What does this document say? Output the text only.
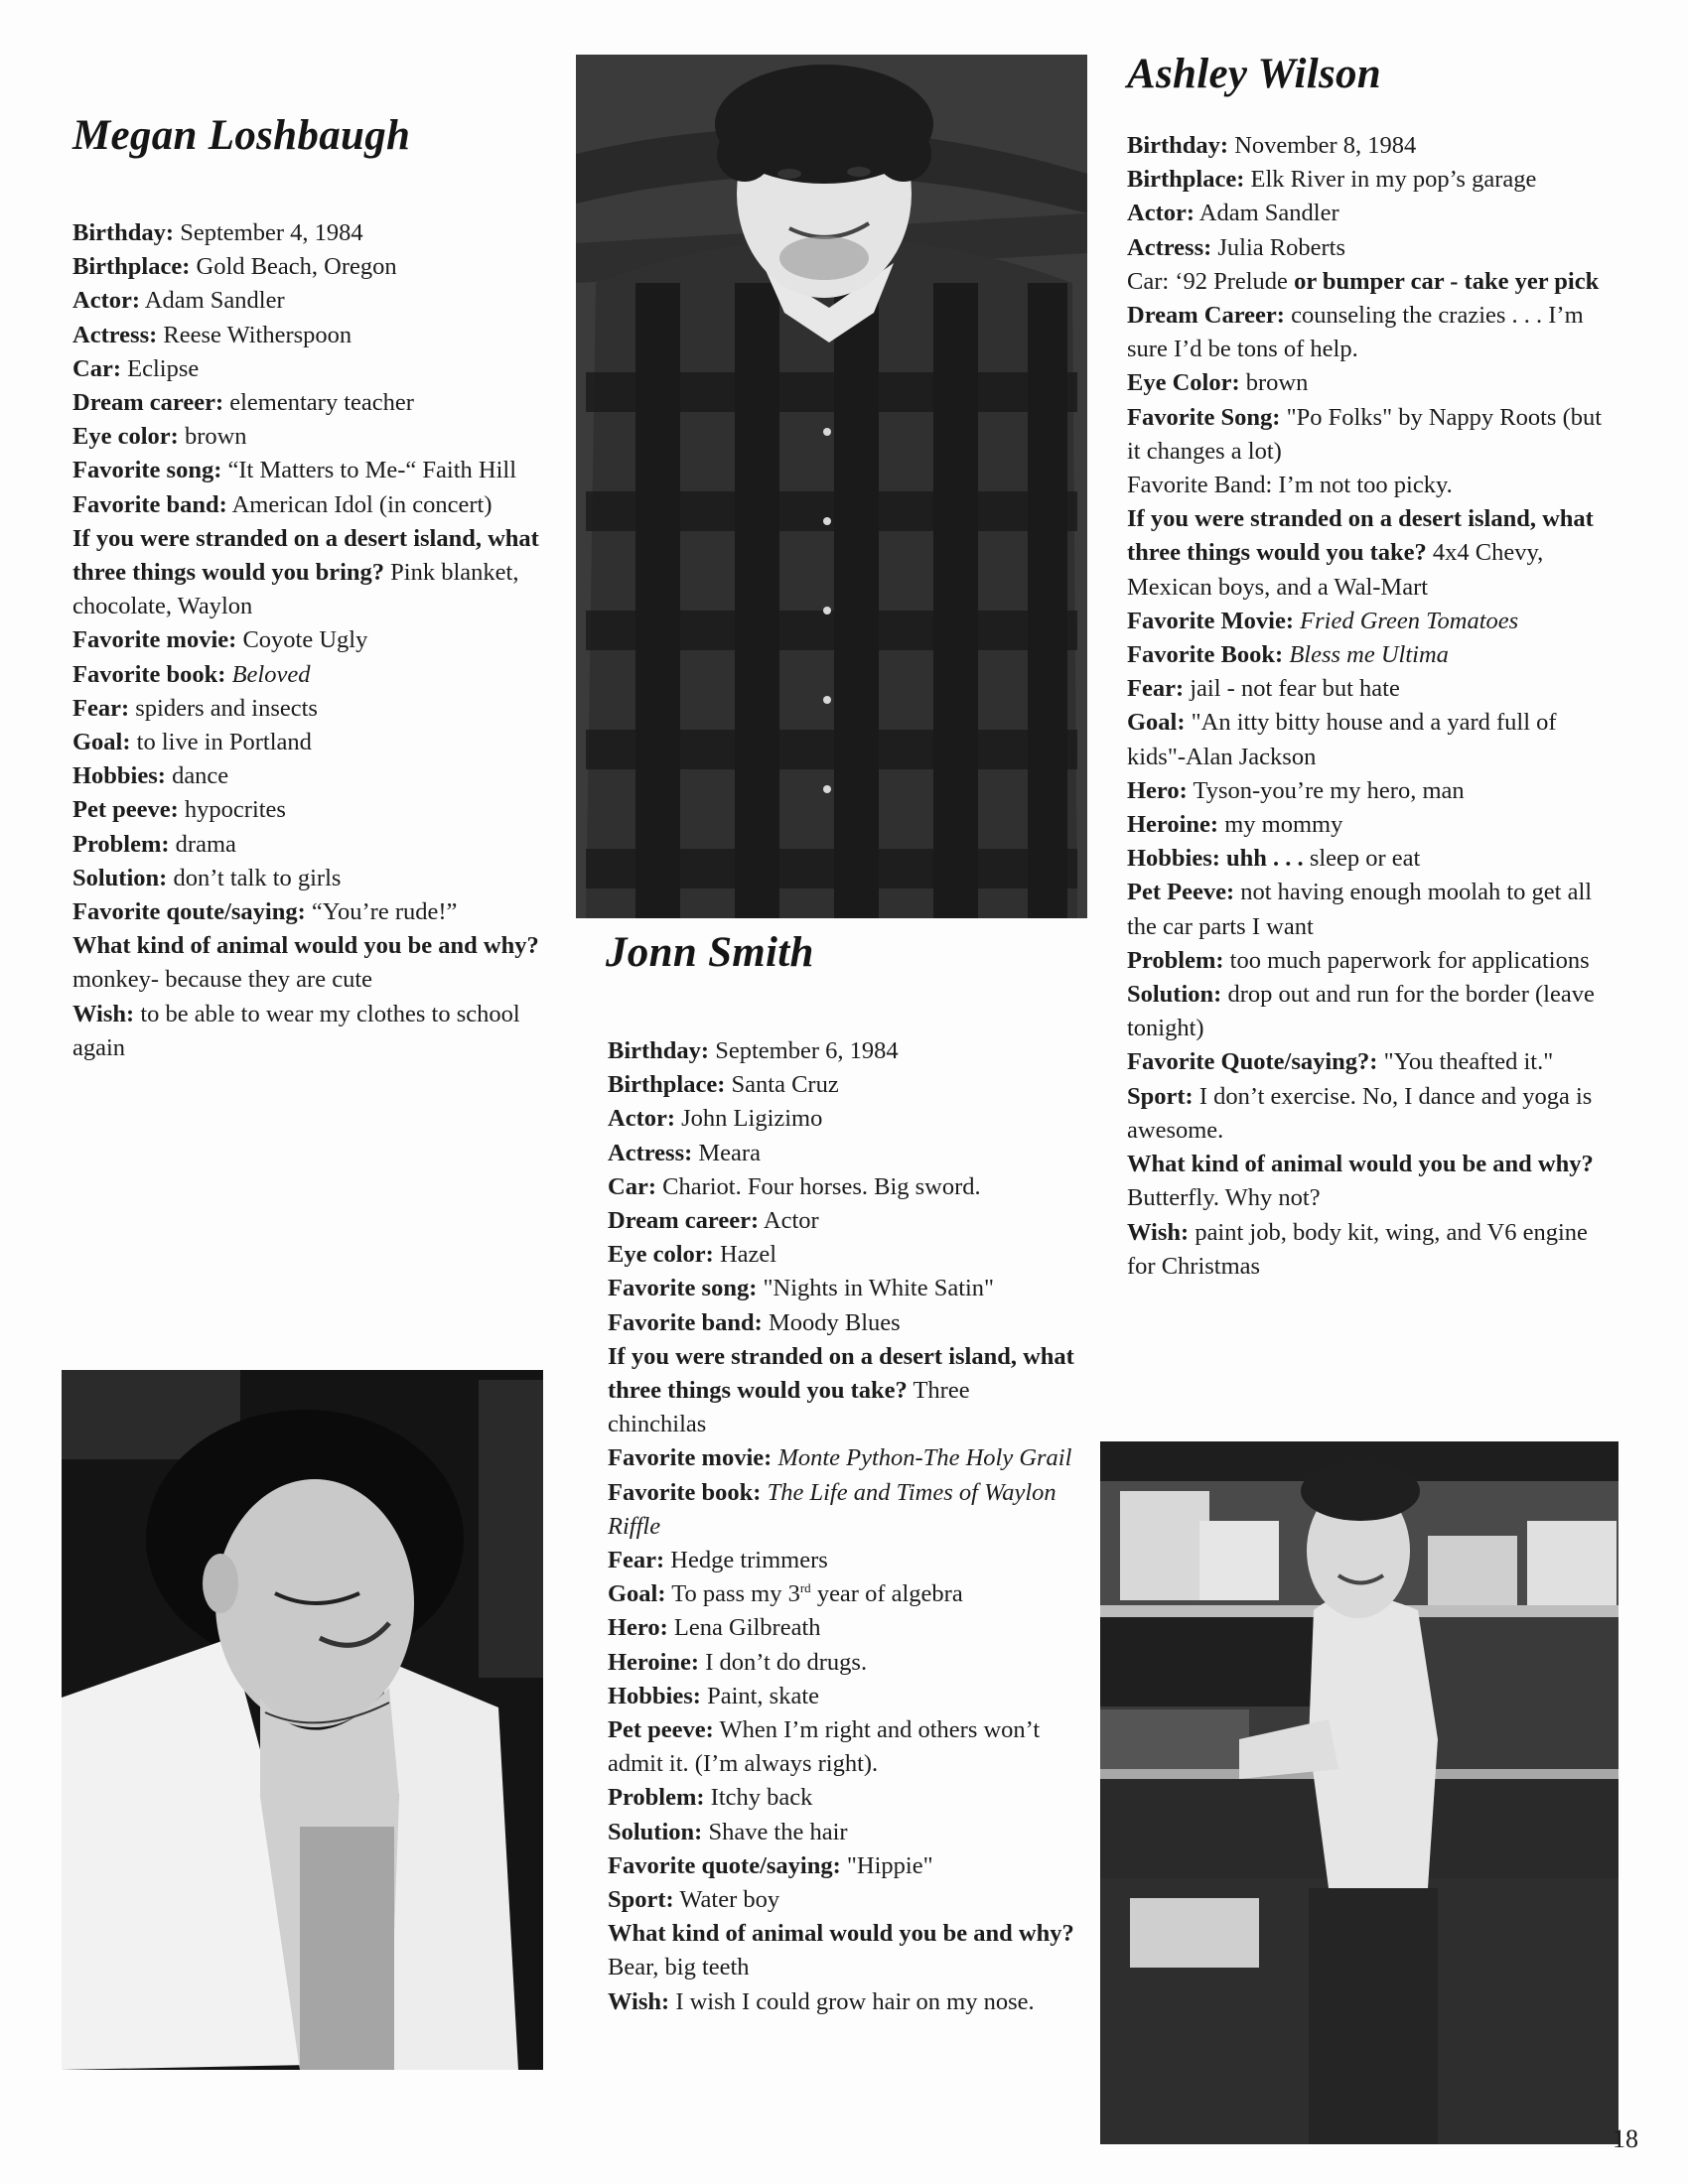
Megan Loshbaugh
Birthday: September 4, 1984
Birthplace: Gold Beach, Oregon
Actor: Adam Sandler
Actress: Reese Witherspoon
Car: Eclipse
Dream career: elementary teacher
Eye color: brown
Favorite song: “It Matters to Me-“ Faith Hill
Favorite band: American Idol (in concert)
If you were stranded on a desert island, what three things would you bring? Pink blanket, chocolate, Waylon
Favorite movie: Coyote Ugly
Favorite book: Beloved
Fear: spiders and insects
Goal: to live in Portland
Hobbies: dance
Pet peeve: hypocrites
Problem: drama
Solution: don’t talk to girls
Favorite qoute/saying: “You’re rude!”
What kind of animal would you be and why? monkey- because they are cute
Wish: to be able to wear my clothes to school again
Jonn Smith
Birthday: September 6, 1984
Birthplace: Santa Cruz
Actor: John Ligizimo
Actress: Meara
Car: Chariot. Four horses. Big sword.
Dream career: Actor
Eye color: Hazel
Favorite song: "Nights in White Satin"
Favorite band: Moody Blues
If you were stranded on a desert island, what three things would you take? Three chinchilas
Favorite movie: Monte Python-The Holy Grail
Favorite book: The Life and Times of Waylon Riffle
Fear: Hedge trimmers
Goal: To pass my 3rd year of algebra
Hero: Lena Gilbreath
Heroine: I don’t do drugs.
Hobbies: Paint, skate
Pet peeve: When I’m right and others won’t admit it. (I’m always right).
Problem: Itchy back
Solution: Shave the hair
Favorite quote/saying: "Hippie"
Sport: Water boy
What kind of animal would you be and why? Bear, big teeth
Wish: I wish I could grow hair on my nose.
Ashley Wilson
Birthday: November 8, 1984
Birthplace: Elk River in my pop’s garage
Actor: Adam Sandler
Actress: Julia Roberts
Car: ‘92 Prelude or bumper car - take yer pick
Dream Career: counseling the crazies . . . I’m sure I’d be tons of help.
Eye Color: brown
Favorite Song: "Po Folks" by Nappy Roots (but it changes a lot)
Favorite Band: I’m not too picky.
If you were stranded on a desert island, what three things would you take? 4x4 Chevy, Mexican boys, and a Wal-Mart
Favorite Movie: Fried Green Tomatoes
Favorite Book: Bless me Ultima
Fear: jail - not fear but hate
Goal: "An itty bitty house and a yard full of kids"-Alan Jackson
Hero: Tyson-you’re my hero, man
Heroine: my mommy
Hobbies: uhh . . . sleep or eat
Pet Peeve: not having enough moolah to get all the car parts I want
Problem: too much paperwork for applications
Solution: drop out and run for the border (leave tonight)
Favorite Quote/saying?: "You theafted it."
Sport: I don’t exercise. No, I dance and yoga is awesome.
What kind of animal would you be and why? Butterfly. Why not?
Wish: paint job, body kit, wing, and V6 engine for Christmas
18
